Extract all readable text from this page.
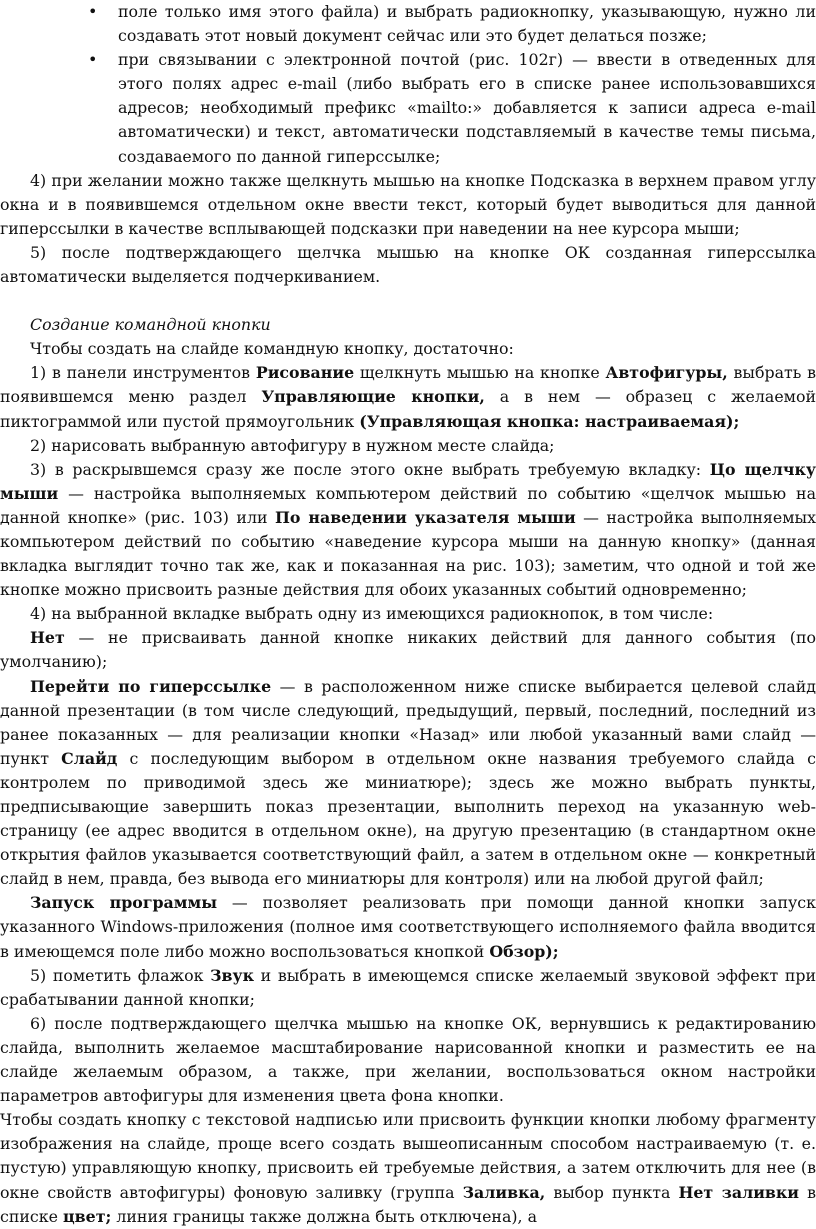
• поле только имя этого файла) и выбрать радиокнопку, указывающую, нужно ли создавать этот новый документ сейчас или это будет делаться позже;
• при связывании с электронной почтой (рис. 102г) — ввести в отведенных для этого полях адрес e-mail (либо выбрать его в списке ранее использовавшихся адресов; необходимый префикс «mailto:» добавляется к записи адреса e-mail автоматически) и текст, автоматически подставляемый в качестве темы письма, создаваемого по данной гиперссылке;

4) при желании можно также щелкнуть мышью на кнопке Подсказка в верхнем правом углу окна и в появившемся отдельном окне ввести текст, который будет выводиться для данной гиперссылки в качестве всплывающей подсказки при наведении на нее курсора мыши;

5) после подтверждающего щелчка мышью на кнопке ОК созданная гиперссылка автоматически выделяется подчеркиванием.

Создание командной кнопки

Чтобы создать на слайде командную кнопку, достаточно:

1) в панели инструментов Рисование щелкнуть мышью на кнопке Автофигуры, выбрать в появившемся меню раздел Управляющие кнопки, а в нем — образец с желаемой пиктограммой или пустой прямоугольник (Управляющая кнопка: настраиваемая);

2) нарисовать выбранную автофигуру в нужном месте слайда;

3) в раскрывшемся сразу же после этого окне выбрать требуемую вкладку: Цо щелчку мыши — настройка выполняемых компьютером действий по событию «щелчок мышью на данной кнопке» (рис. 103) или По наведении указателя мыши — настройка выполняемых компьютером действий по событию «наведение курсора мыши на данную кнопку» (данная вкладка выглядит точно так же, как и показанная на рис. 103); заметим, что одной и той же кнопке можно присвоить разные действия для обоих указанных событий одновременно;

4) на выбранной вкладке выбрать одну из имеющихся радиокнопок, в том числе:

Нет — не присваивать данной кнопке никаких действий для данного события (по умолчанию);

Перейти по гиперссылке — в расположенном ниже списке выбирается целевой слайд данной презентации (в том числе следующий, предыдущий, первый, последний, последний из ранее показанных — для реализации кнопки «Назад» или любой указанный вами слайд — пункт Слайд с последующим выбором в отдельном окне названия требуемого слайда с контролем по приводимой здесь же миниатюре); здесь же можно выбрать пункты, предписывающие завершить показ презентации, выполнить переход на указанную web-страницу (ее адрес вводится в отдельном окне), на другую презентацию (в стандартном окне открытия файлов указывается соответствующий файл, а затем в отдельном окне — конкретный слайд в нем, правда, без вывода его миниатюры для контроля) или на любой другой файл;

Запуск программы — позволяет реализовать при помощи данной кнопки запуск указанного Windows-приложения (полное имя соответствующего исполняемого файла вводится в имеющемся поле либо можно воспользоваться кнопкой Обзор);

5) пометить флажок Звук и выбрать в имеющемся списке желаемый звуковой эффект при срабатывании данной кнопки;

6) после подтверждающего щелчка мышью на кнопке ОК, вернувшись к редактированию слайда, выполнить желаемое масштабирование нарисованной кнопки и разместить ее на слайде желаемым образом, а также, при желании, воспользоваться окном настройки параметров автофигуры для изменения цвета фона кнопки.

Чтобы создать кнопку с текстовой надписью или присвоить функции кнопки любому фрагменту изображения на слайде, проще всего создать вышеописанным способом настраиваемую (т. е. пустую) управляющую кнопку, присвоить ей требуемые действия, а затем отключить для нее (в окне свойств автофигуры) фоновую заливку (группа Заливка, выбор пункта Нет заливки в списке цвет; линия границы также должна быть отключена), а
